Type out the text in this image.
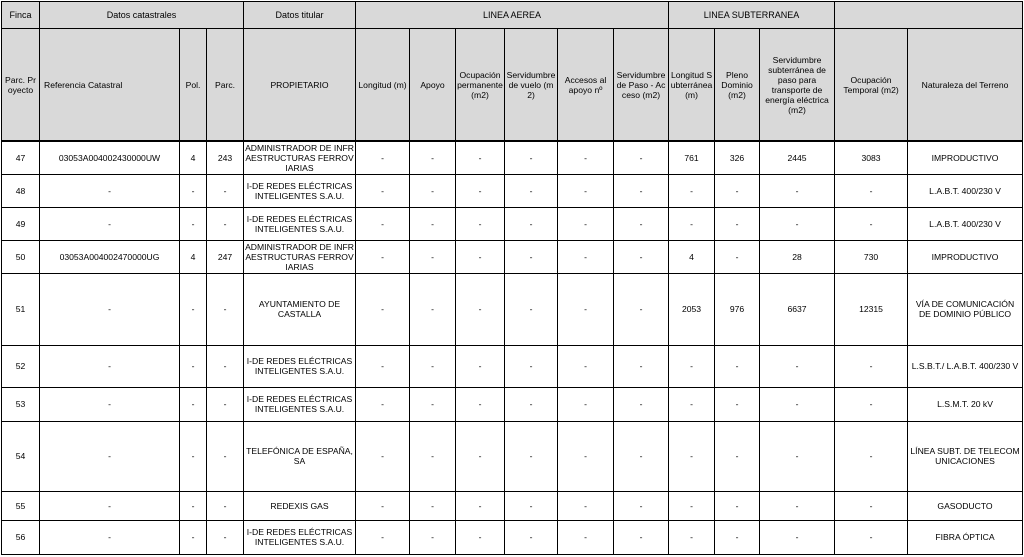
Finca	Datos catastrales			Datos titular	LINEA AEREA						LINEA SUBTERRANEA				
Parc. Proyecto	Referencia Catastral	Pol.	Parc.	PROPIETARIO	Longitud (m)	Apoyo	Ocupación permanente (m2)	Servidumbre de vuelo (m2)	Accesos al apoyo nº	Servidumbre de Paso - Acceso (m2)	Longitud Subterránea (m)	Pleno Dominio (m2)	Servidumbre subterránea de paso para transporte de energía eléctrica (m2)	Ocupación Temporal (m2)	Naturaleza del Terreno
47	03053A004002430000UW	4	243	ADMINISTRADOR DE INFRAESTRUCTURAS FERROVIARIAS	-	-	-	-	-	-	761	326	2445	3083	IMPRODUCTIVO
48	-	-	-	I-DE REDES ELÉCTRICAS INTELIGENTES S.A.U.	-	-	-	-	-	-	-	-	-	-	L.A.B.T. 400/230 V
49	-	-	-	I-DE REDES ELÉCTRICAS INTELIGENTES S.A.U.	-	-	-	-	-	-	-	-	-	-	L.A.B.T. 400/230 V
50	03053A004002470000UG	4	247	ADMINISTRADOR DE INFRAESTRUCTURAS FERROVIARIAS	-	-	-	-	-	-	4	-	28	730	IMPRODUCTIVO
51	-	-	-	AYUNTAMIENTO DE CASTALLA	-	-	-	-	-	-	2053	976	6637	12315	VÍA DE COMUNICACIÓN DE DOMINIO PÚBLICO
52	-	-	-	I-DE REDES ELÉCTRICAS INTELIGENTES S.A.U.	-	-	-	-	-	-	-	-	-	-	L.S.B.T./ L.A.B.T. 400/230 V
53	-	-	-	I-DE REDES ELÉCTRICAS INTELIGENTES S.A.U.	-	-	-	-	-	-	-	-	-	-	L.S.M.T. 20 kV
54	-	-	-	TELEFÓNICA DE ESPAÑA, SA	-	-	-	-	-	-	-	-	-	-	LÍNEA SUBT. DE TELECOMUNICACIONES
55	-	-	-	REDEXIS GAS	-	-	-	-	-	-	-	-	-	-	GASODUCTO
56	-	-	-	I-DE REDES ELÉCTRICAS INTELIGENTES S.A.U.	-	-	-	-	-	-	-	-	-	-	FIBRA ÓPTICA
